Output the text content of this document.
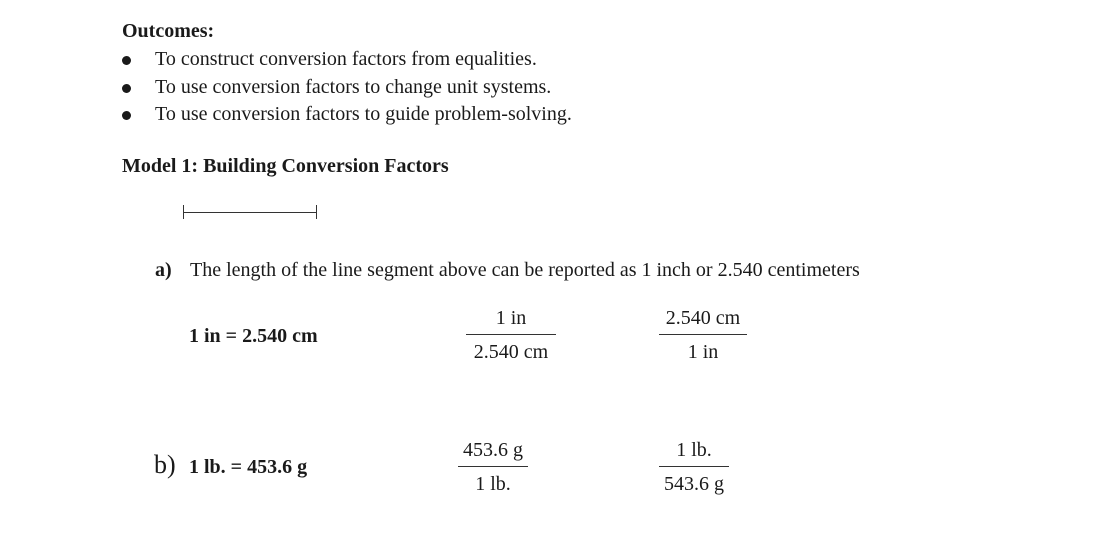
Outcomes:
To construct conversion factors from equalities.
To use conversion factors to change unit systems.
To use conversion factors to guide problem-solving.
Model 1: Building Conversion Factors
a) The length of the line segment above can be reported as 1 inch or 2.540 centimeters
1 in = 2.540 cm
1 in
2.540 cm
2.540 cm
1 in
b) 1 lb. = 453.6 g
453.6 g
1 lb.
1 lb.
543.6 g
